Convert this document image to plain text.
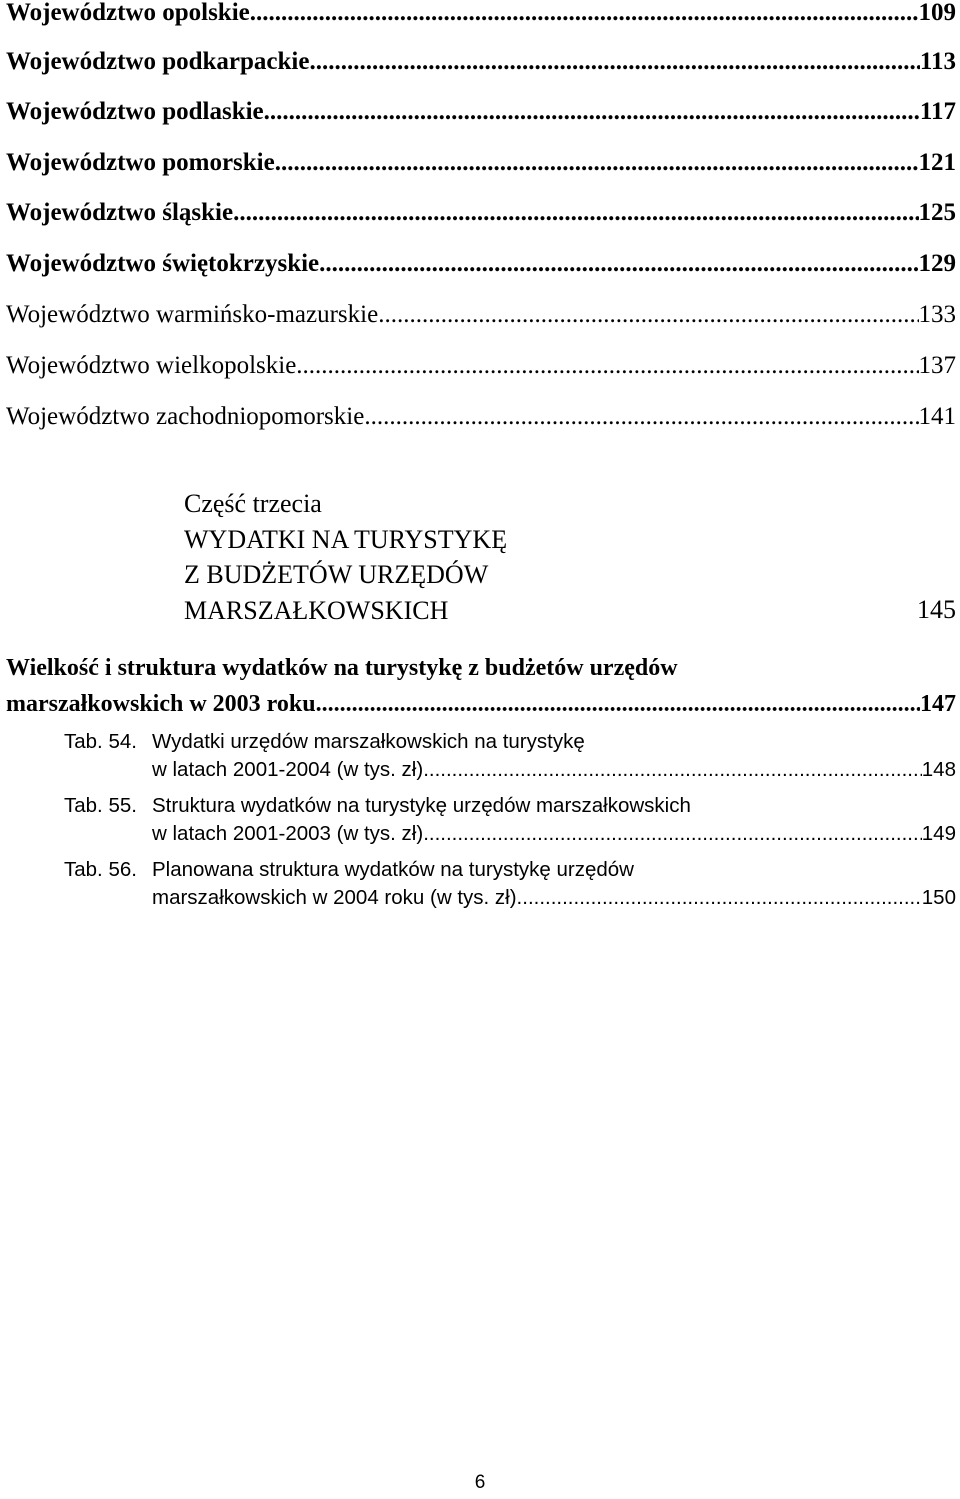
Województwo opolskie .....	109
Województwo podkarpackie .....	113
Województwo podlaskie .....	117
Województwo pomorskie .....	121
Województwo śląskie .....	125
Województwo świętokrzyskie .....	129
Województwo warmińsko-mazurskie .....	133
Województwo wielkopolskie .....	137
Województwo zachodniopomorskie .....	141
Część trzecia
WYDATKI NA TURYSTYKĘ
Z BUDŻETÓW URZĘDÓW
MARSZAŁKOWSKICH	145
Wielkość i struktura wydatków na turystykę z budżetów urzędów
marszałkowskich w 2003 roku .....	147
Tab. 54. Wydatki urzędów marszałkowskich na turystykę
w latach 2001-2004 (w tys. zł) .....	148
Tab. 55. Struktura wydatków na turystykę urzędów marszałkowskich
w latach 2001-2003 (w tys. zł) .....	149
Tab. 56. Planowana struktura wydatków na turystykę urzędów
marszałkowskich w 2004 roku (w tys. zł) .....	150
6
